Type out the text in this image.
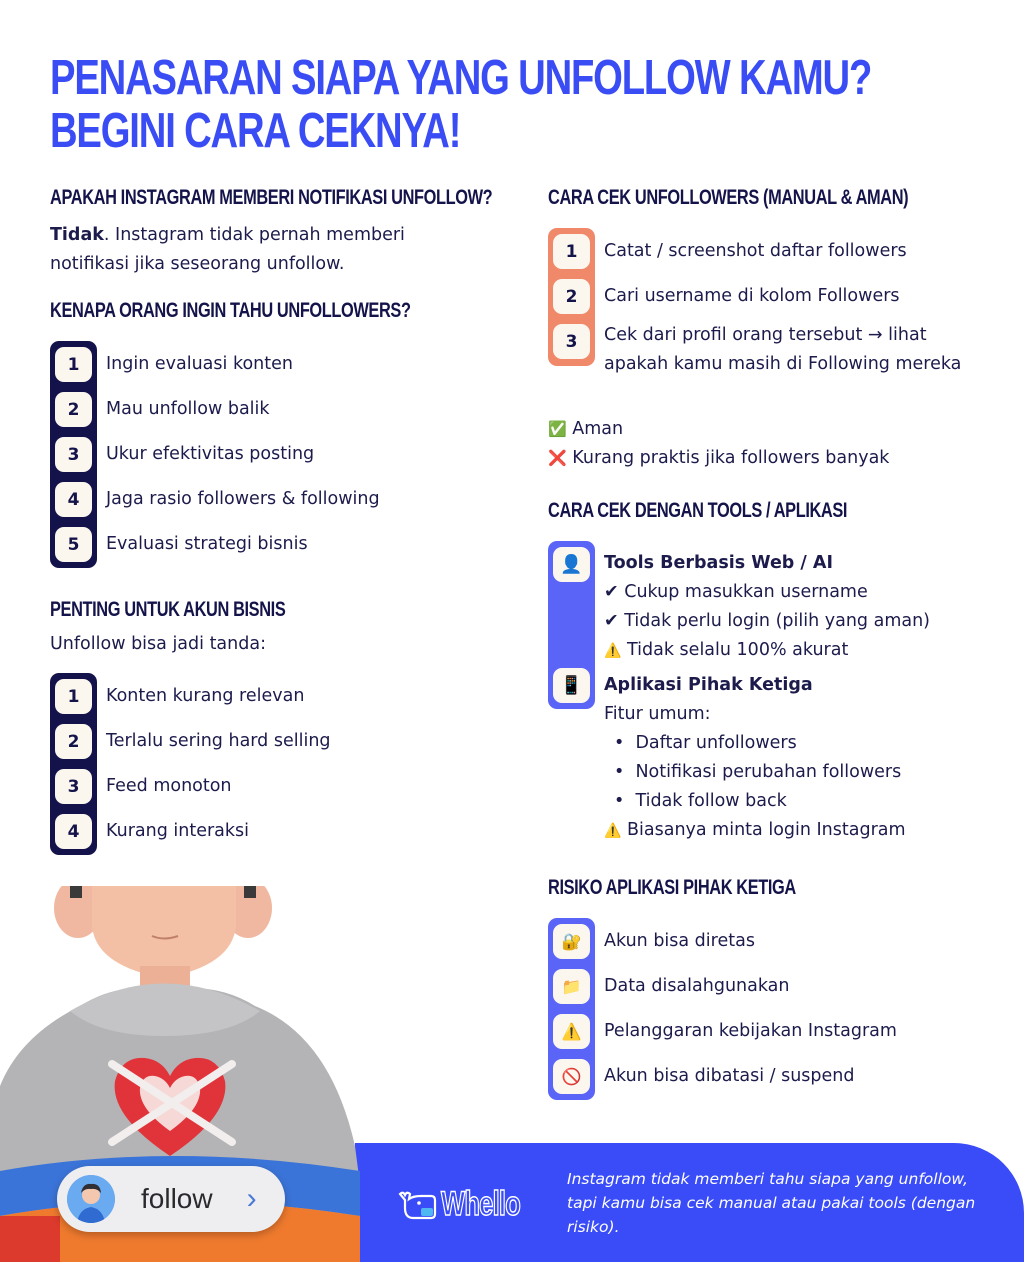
PENASARAN SIAPA YANG UNFOLLOW KAMU?
BEGINI CARA CEKNYA!
APAKAH INSTAGRAM MEMBERI NOTIFIKASI UNFOLLOW?

Tidak. Instagram tidak pernah memberi notifikasi jika seseorang unfollow.

KENAPA ORANG INGIN TAHU UNFOLLOWERS?
1
2
3
4
5
Ingin evaluasi konten
Mau unfollow balik
Ukur efektivitas posting
Jaga rasio followers & following
Evaluasi strategi bisnis
PENTING UNTUK AKUN BISNIS

Unfollow bisa jadi tanda:

1
2
3
4
Konten kurang relevan
Terlalu sering hard selling
Feed monoton
Kurang interaksi
CARA CEK UNFOLLOWERS (MANUAL & AMAN)
1
2
3
Catat / screenshot daftar followers
Cari username di kolom Followers
Cek dari profil orang tersebut → lihat apakah kamu masih di Following mereka
✅ Aman
❌ Kurang praktis jika followers banyak
CARA CEK DENGAN TOOLS / APLIKASI
👤
📱
Tools Berbasis Web / AI
✔ Cukup masukkan username
✔ Tidak perlu login (pilih yang aman)
⚠️ Tidak selalu 100% akurat
Aplikasi Pihak Ketiga
Fitur umum:
•  Daftar unfollowers
•  Notifikasi perubahan followers
•  Tidak follow back
⚠️ Biasanya minta login Instagram
RISIKO APLIKASI PIHAK KETIGA
🔐
📁
⚠️
🚫
Akun bisa diretas
Data disalahgunakan
Pelanggaran kebijakan Instagram
Akun bisa dibatasi / suspend
Whello

Instagram tidak memberi tahu siapa yang unfollow, tapi kamu bisa cek manual atau pakai tools (dengan risiko).

follow ›
